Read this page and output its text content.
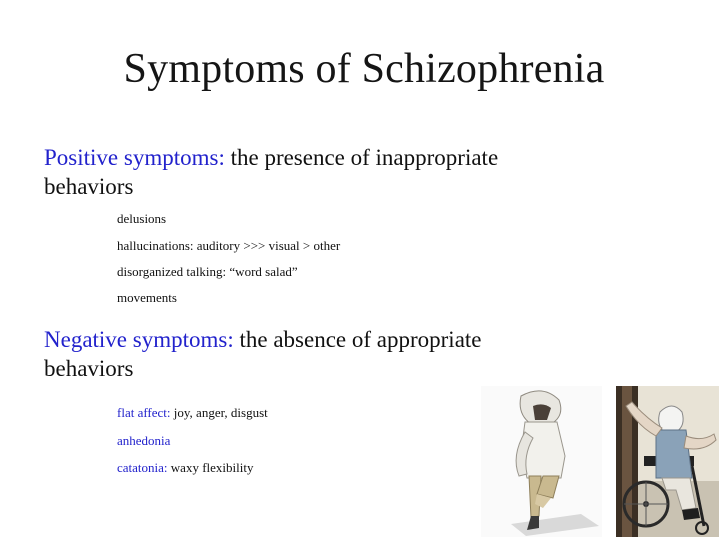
Symptoms of Schizophrenia
Positive symptoms: the presence of inappropriate
behaviors
delusions
hallucinations: auditory >>> visual > other
disorganized talking: “word salad”
movements
Negative symptoms: the absence of appropriate
behaviors
flat affect: joy, anger, disgust
anhedonia
catatonia: waxy flexibility
